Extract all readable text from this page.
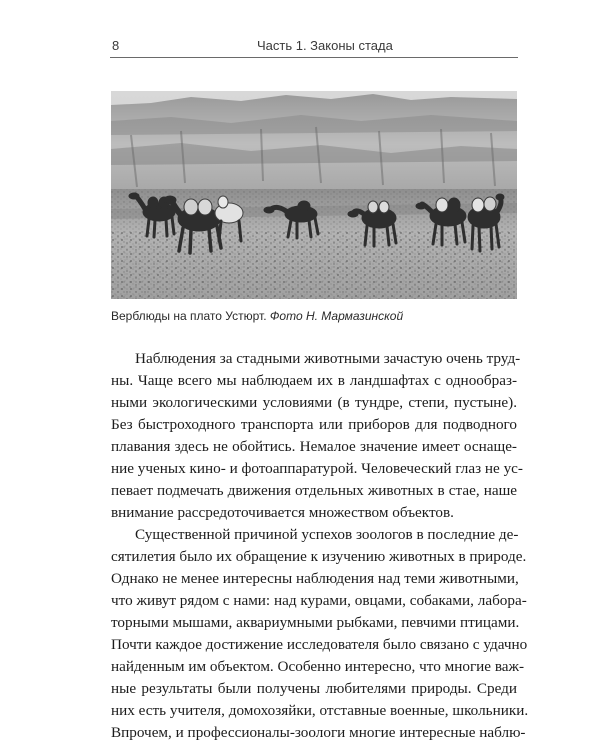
8	Часть 1. Законы стада
Верблюды на плато Устюрт. Фото Н. Мармазинской
Наблюдения за стадными животными зачастую очень труд-
ны. Чаще всего мы наблюдаем их в ландшафтах с однообраз-
ными экологическими условиями (в тундре, степи, пустыне).
Без быстроходного транспорта или приборов для подводного
плавания здесь не обойтись. Немалое значение имеет оснаще-
ние ученых кино- и фотоаппаратурой. Человеческий глаз не ус-
певает подмечать движения отдельных животных в стае, наше
внимание рассредоточивается множеством объектов.
Существенной причиной успехов зоологов в последние де-
сятилетия было их обращение к изучению животных в природе.
Однако не менее интересны наблюдения над теми животными,
что живут рядом с нами: над курами, овцами, собаками, лабора-
торными мышами, аквариумными рыбками, певчими птицами.
Почти каждое достижение исследователя было связано с удачно
найденным им объектом. Особенно интересно, что многие важ-
ные результаты были получены любителями природы. Среди
них есть учителя, домохозяйки, отставные военные, школьники.
Впрочем, и профессионалы-зоологи многие интересные наблю-
